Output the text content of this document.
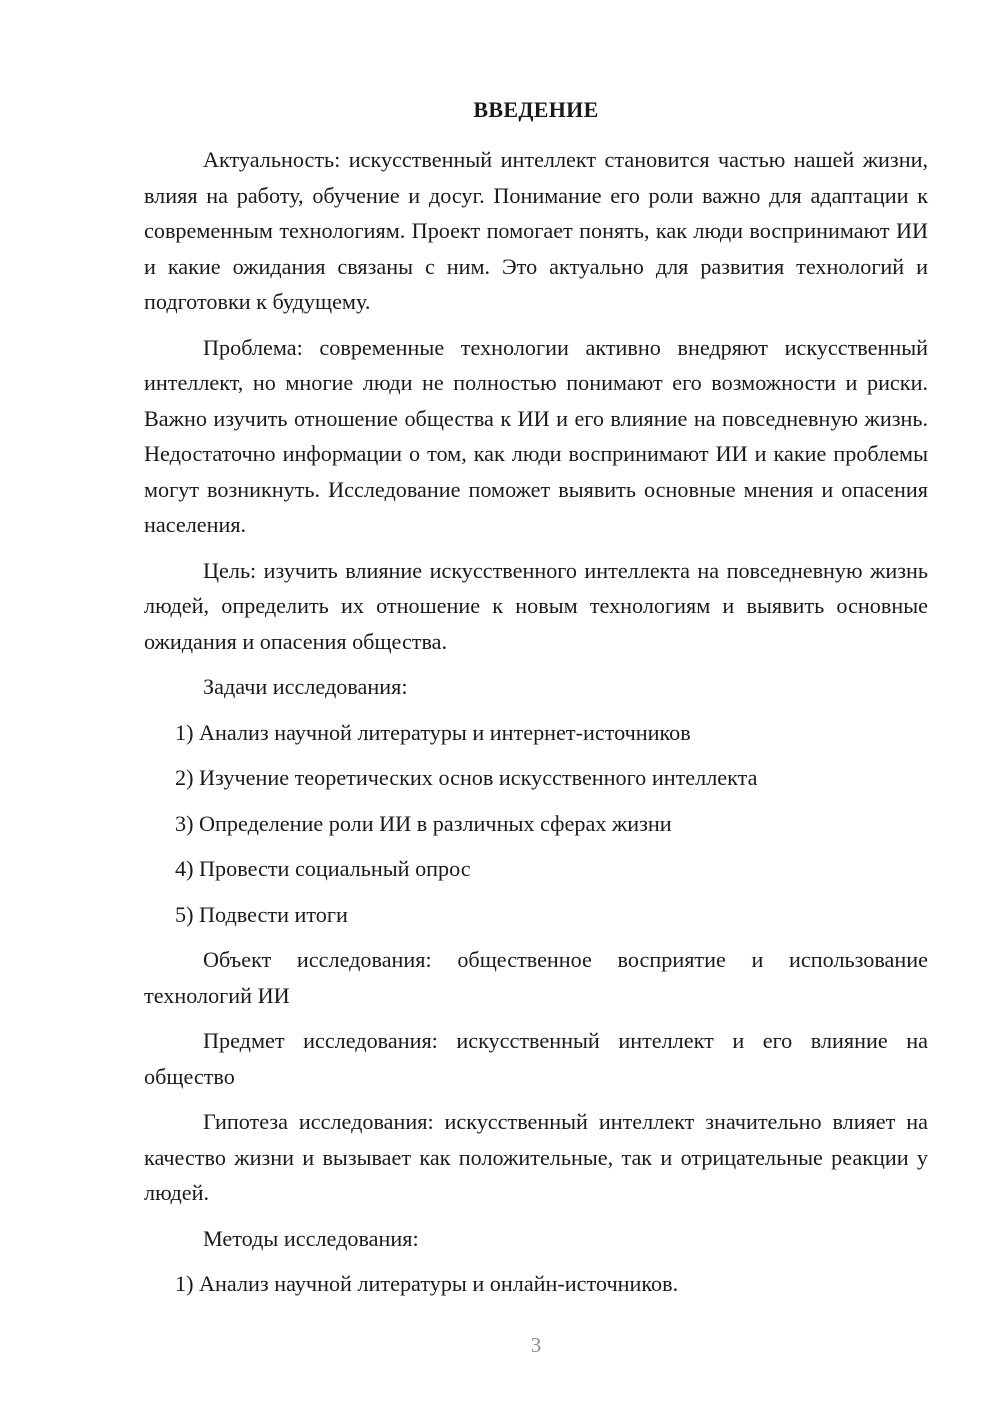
ВВЕДЕНИЕ

Актуальность: искусственный интеллект становится частью нашей жизни, влияя на работу, обучение и досуг. Понимание его роли важно для адаптации к современным технологиям. Проект помогает понять, как люди воспринимают ИИ и какие ожидания связаны с ним. Это актуально для развития технологий и подготовки к будущему.

Проблема: современные технологии активно внедряют искусственный интеллект, но многие люди не полностью понимают его возможности и риски. Важно изучить отношение общества к ИИ и его влияние на повседневную жизнь. Недостаточно информации о том, как люди воспринимают ИИ и какие проблемы могут возникнуть. Исследование поможет выявить основные мнения и опасения населения.

Цель: изучить влияние искусственного интеллекта на повседневную жизнь людей, определить их отношение к новым технологиям и выявить основные ожидания и опасения общества.

Задачи исследования:

1) Анализ научной литературы и интернет-источников

2) Изучение теоретических основ искусственного интеллекта

3) Определение роли ИИ в различных сферах жизни

4) Провести социальный опрос

5) Подвести итоги

Объект исследования: общественное восприятие и использование технологий ИИ

Предмет исследования: искусственный интеллект и его влияние на общество

Гипотеза исследования: искусственный интеллект значительно влияет на качество жизни и вызывает как положительные, так и отрицательные реакции у людей.

Методы исследования:

1) Анализ научной литературы и онлайн-источников.

3
